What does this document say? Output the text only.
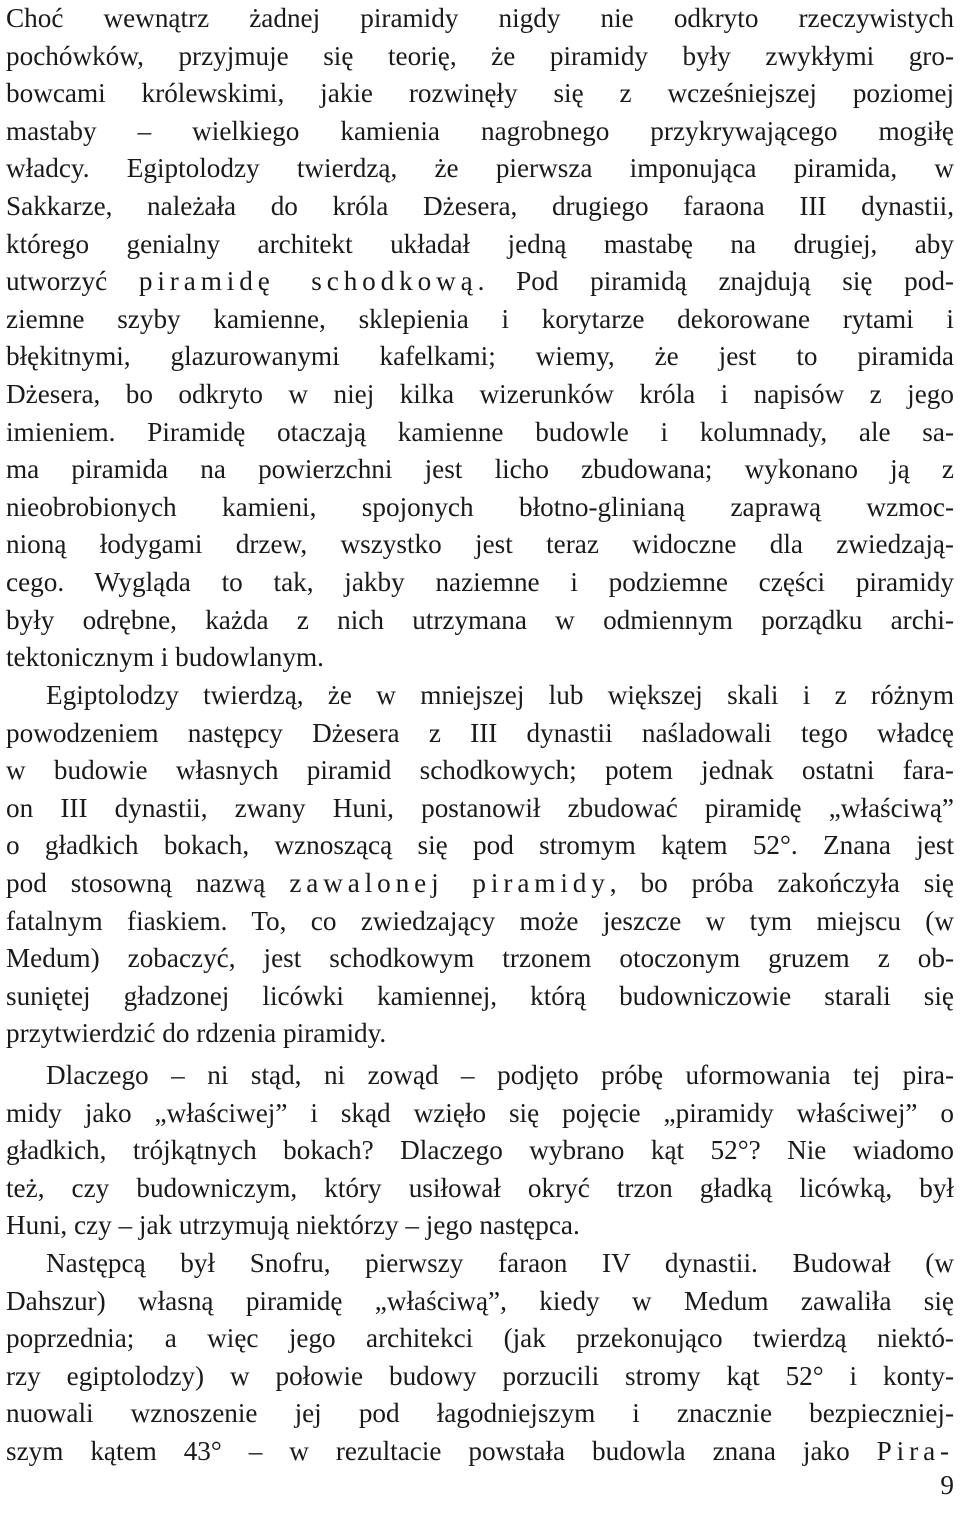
Choć wewnątrz żadnej piramidy nigdy nie odkryto rzeczywistych
pochówków, przyjmuje się teorię, że piramidy były zwykłymi gro-
bowcami królewskimi, jakie rozwinęły się z wcześniejszej poziomej
mastaby – wielkiego kamienia nagrobnego przykrywającego mogiłę
władcy. Egiptolodzy twierdzą, że pierwsza imponująca piramida, w
Sakkarze, należała do króla Dżesera, drugiego faraona III dynastii,
którego genialny architekt układał jedną mastabę na drugiej, aby
utworzyć piramidę schodkową. Pod piramidą znajdują się pod-
ziemne szyby kamienne, sklepienia i korytarze dekorowane rytami i
błękitnymi, glazurowanymi kafelkami; wiemy, że jest to piramida
Dżesera, bo odkryto w niej kilka wizerunków króla i napisów z jego
imieniem. Piramidę otaczają kamienne budowle i kolumnady, ale sa-
ma piramida na powierzchni jest licho zbudowana; wykonano ją z
nieobrobionych kamieni, spojonych błotno-glinianą zaprawą wzmoc-
nioną łodygami drzew, wszystko jest teraz widoczne dla zwiedzają-
cego. Wygląda to tak, jakby naziemne i podziemne części piramidy
były odrębne, każda z nich utrzymana w odmiennym porządku archi-
tektonicznym i budowlanym.
Egiptolodzy twierdzą, że w mniejszej lub większej skali i z różnym
powodzeniem następcy Dżesera z III dynastii naśladowali tego władcę
w budowie własnych piramid schodkowych; potem jednak ostatni fara-
on III dynastii, zwany Huni, postanowił zbudować piramidę „właściwą”
o gładkich bokach, wznoszącą się pod stromym kątem 52°. Znana jest
pod stosowną nazwą zawalonej piramidy, bo próba zakończyła się
fatalnym fiaskiem. To, co zwiedzający może jeszcze w tym miejscu (w
Medum) zobaczyć, jest schodkowym trzonem otoczonym gruzem z ob-
suniętej gładzonej licówki kamiennej, którą budowniczowie starali się
przytwierdzić do rdzenia piramidy.
Dlaczego – ni stąd, ni zowąd – podjęto próbę uformowania tej pira-
midy jako „właściwej” i skąd wzięło się pojęcie „piramidy właściwej” o
gładkich, trójkątnych bokach? Dlaczego wybrano kąt 52°? Nie wiadomo
też, czy budowniczym, który usiłował okryć trzon gładką licówką, był
Huni, czy – jak utrzymują niektórzy – jego następca.
Następcą był Snofru, pierwszy faraon IV dynastii. Budował (w
Dahszur) własną piramidę „właściwą”, kiedy w Medum zawaliła się
poprzednia; a więc jego architekci (jak przekonująco twierdzą niektó-
rzy egiptolodzy) w połowie budowy porzucili stromy kąt 52° i konty-
nuowali wznoszenie jej pod łagodniejszym i znacznie bezpieczniej-
szym kątem 43° – w rezultacie powstała budowla znana jako Pira-
9
